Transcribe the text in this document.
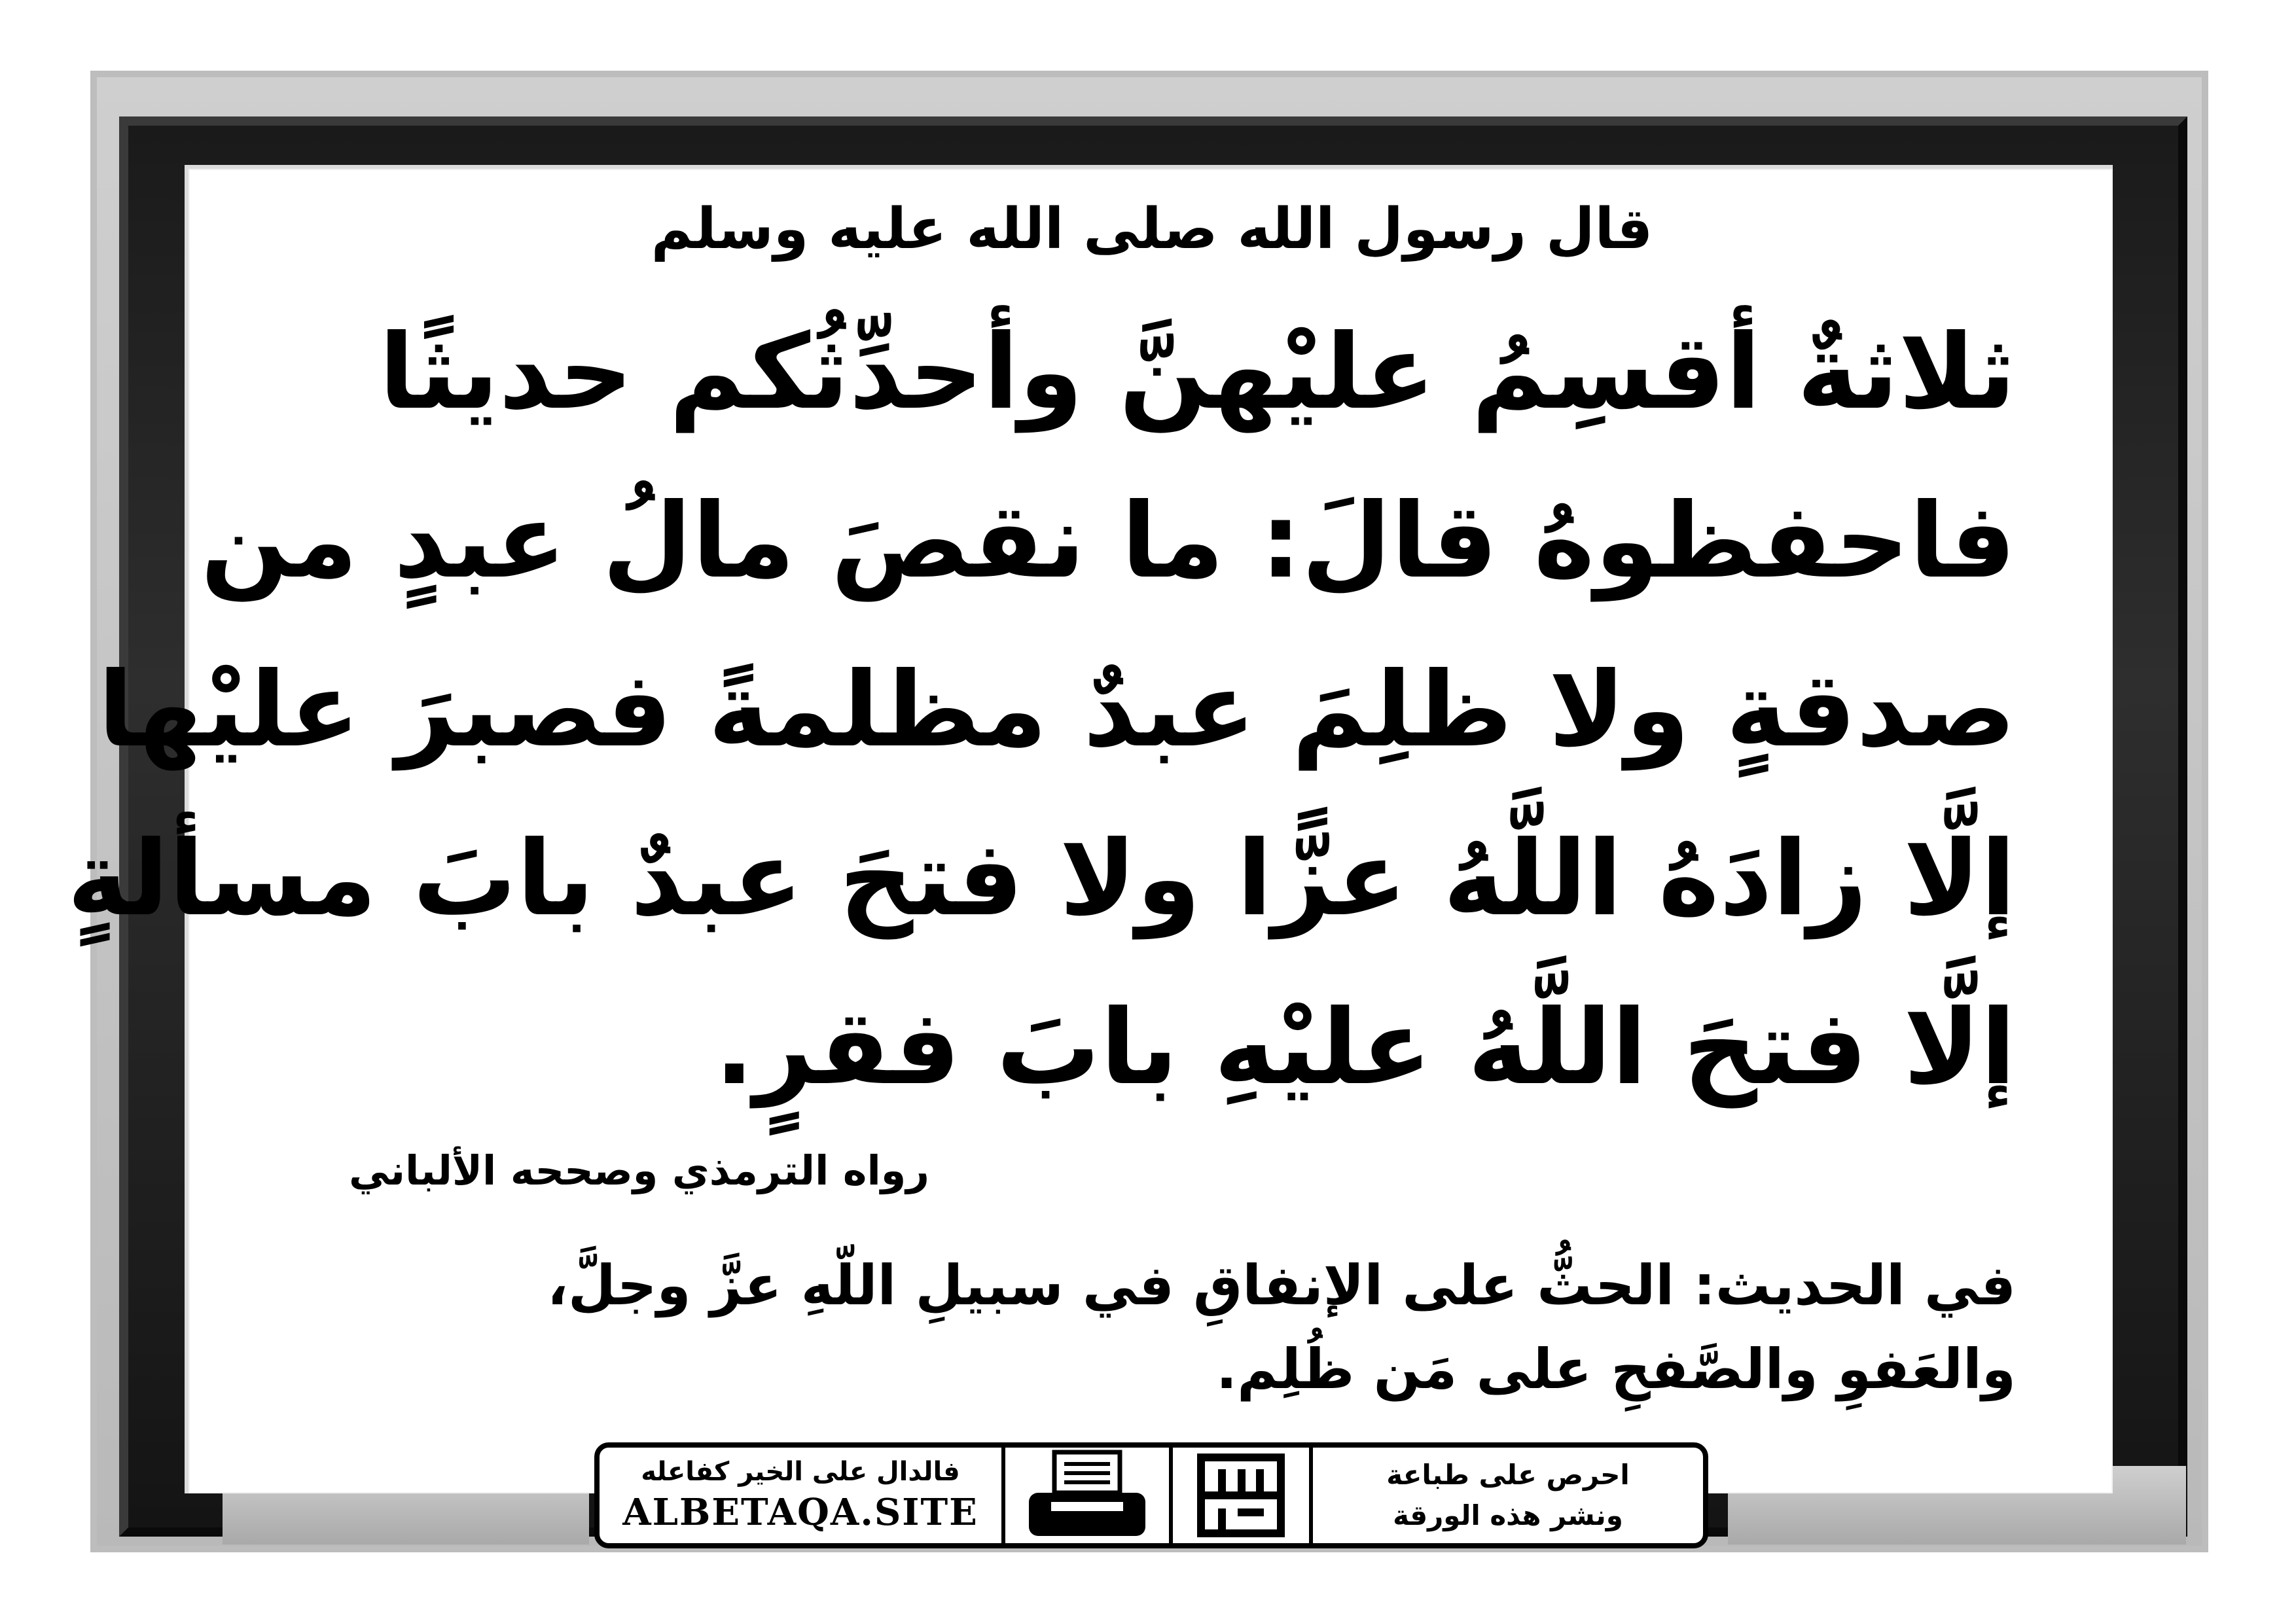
قال رسول الله صلى الله عليه وسلم
ثلاثةٌ أقسِمُ عليْهنَّ وأحدِّثُكم حديثًا
فاحفظوهُ قالَ: ما نقصَ مالُ عبدٍ من
صدقةٍ ولا ظلِمَ عبدٌ مظلمةً فصبرَ عليْها
إلَّا زادَهُ اللَّهُ عزًّا ولا فتحَ عبدٌ بابَ مسألةٍ
إلَّا فتحَ اللَّهُ عليْهِ بابَ فقرٍ.
رواه الترمذي وصححه الألباني
في الحديث: الحثُّ على الإنفاقِ في سبيلِ اللّهِ عزَّ وجلَّ،
والعَفوِ والصَّفحِ على مَن ظُلِم.
فالدال على الخير كفاعله
ALBETAQA.SITE
احرص على طباعة
ونشر هذه الورقة
